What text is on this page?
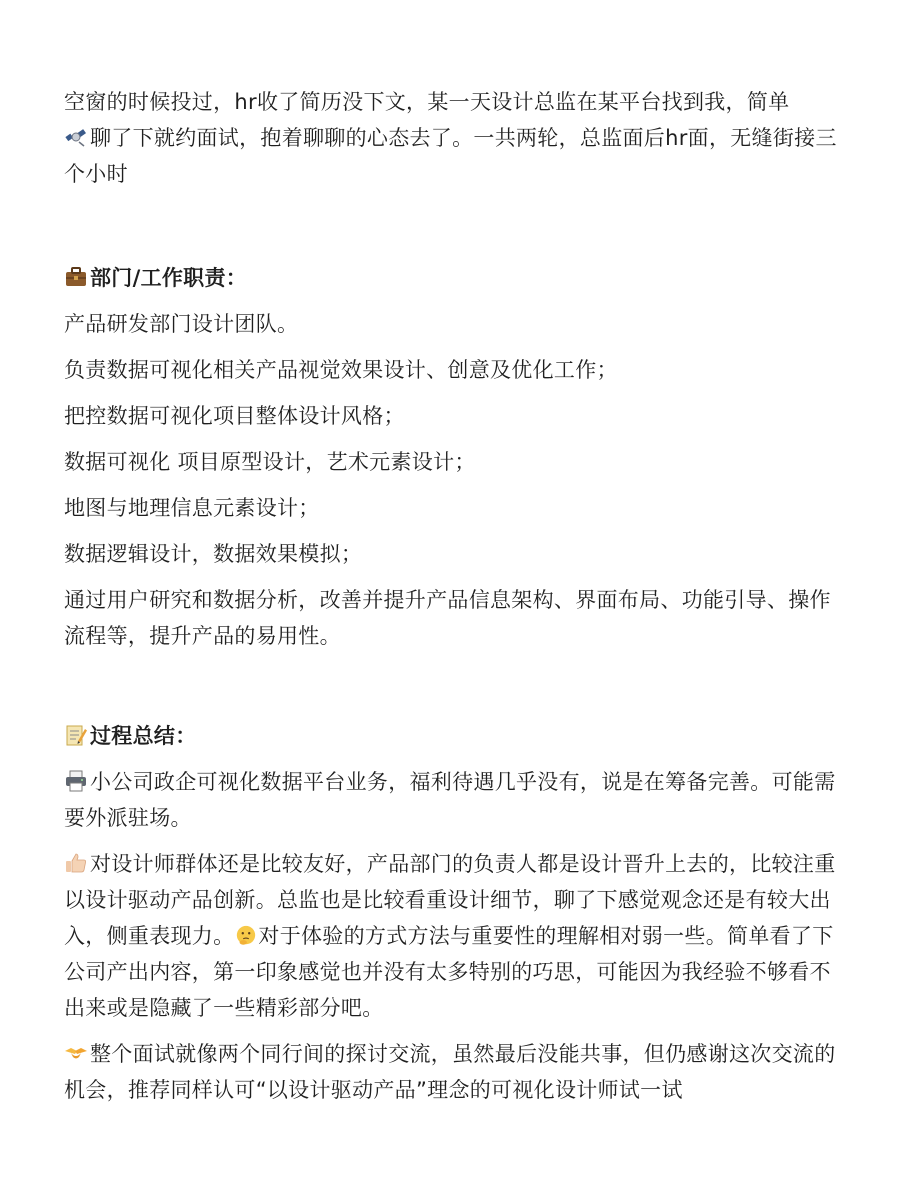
空窗的时候投过，hr收了简历没下文，某一天设计总监在某平台找到我，简单

聊了下就约面试，抱着聊聊的心态去了。一共两轮，总监面后hr面，无缝街接三个小时

部门/工作职责：

产品研发部门设计团队。

负责数据可视化相关产品视觉效果设计、创意及优化工作；

把控数据可视化项目整体设计风格；

数据可视化 项目原型设计，艺术元素设计；

地图与地理信息元素设计；

数据逻辑设计，数据效果模拟；

通过用户研究和数据分析，改善并提升产品信息架构、界面布局、功能引导、操作流程等，提升产品的易用性。

过程总结：

小公司政企可视化数据平台业务，福利待遇几乎没有，说是在筹备完善。可能需要外派驻场。

对设计师群体还是比较友好，产品部门的负责人都是设计晋升上去的，比较注重以设计驱动产品创新。总监也是比较看重设计细节，聊了下感觉观念还是有较大出入，侧重表现力。 对于体验的方式方法与重要性的理解相对弱一些。简单看了下公司产出内容，第一印象感觉也并没有太多特别的巧思，可能因为我经验不够看不出来或是隐藏了一些精彩部分吧。

整个面试就像两个同行间的探讨交流，虽然最后没能共事，但仍感谢这次交流的机会，推荐同样认可“以设计驱动产品”理念的可视化设计师试一试
